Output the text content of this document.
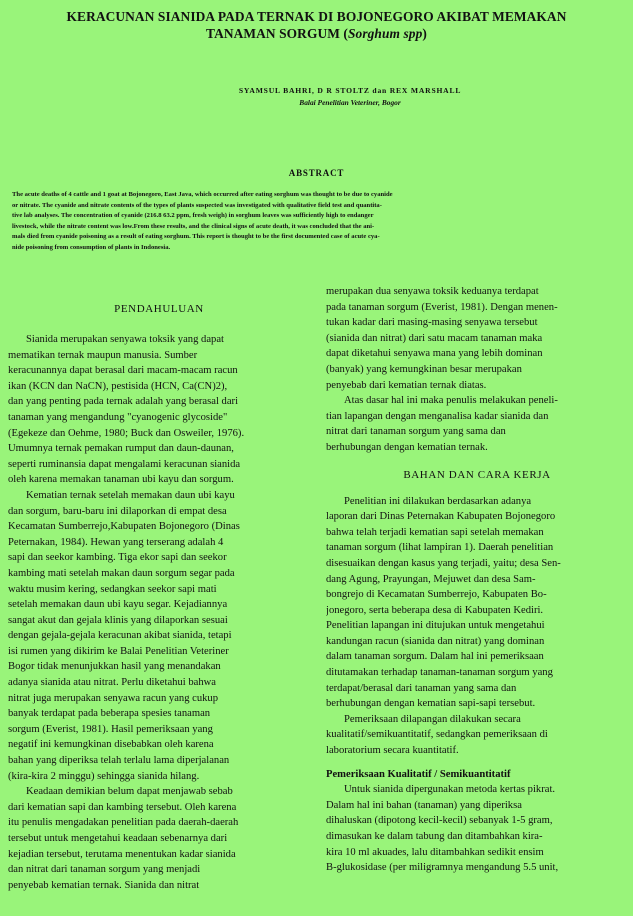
KERACUNAN SIANIDA PADA TERNAK DI BOJONEGORO AKIBAT MEMAKAN
TANAMAN SORGUM (Sorghum spp)
SYAMSUL BAHRI, D R STOLTZ dan REX MARSHALL
Balai Penelitian Veteriner, Bogor
ABSTRACT
The acute deaths of 4 cattle and 1 goat at Bojonegoro, East Java, which occurred after eating sorghum was thought to be due to cyanide
or nitrate. The cyanide and nitrate contents of the types of plants suspected was investigated with qualitative field test and quantita-
tive lab analyses. The concentration of cyanide (216.8 63.2 ppm, fresh weigh) in sorghum leaves was sufficiently high to endanger
livestock, while the nitrate content was low.From these results, and the clinical signs of acute death, it was concluded that the ani-
mals died from cyanide poisoning as a result of eating sorghum. This report is thought to be the first documented case of acute cya-
nide poisoning from consumption of plants in Indonesia.
PENDAHULUAN
Sianida merupakan senyawa toksik yang dapat
mematikan ternak maupun manusia. Sumber
keracunannya dapat berasal dari macam-macam racun
ikan (KCN dan NaCN), pestisida (HCN, Ca(CN)2),
dan yang penting pada ternak adalah yang berasal dari
tanaman yang mengandung "cyanogenic glycoside"
(Egekeze dan Oehme, 1980; Buck dan Osweiler, 1976).
Umumnya ternak pemakan rumput dan daun-daunan,
seperti ruminansia dapat mengalami keracunan sianida
oleh karena memakan tanaman ubi kayu dan sorgum.
Kematian ternak setelah memakan daun ubi kayu
dan sorgum, baru-baru ini dilaporkan di empat desa
Kecamatan Sumberrejo,Kabupaten Bojonegoro (Dinas
Peternakan, 1984). Hewan yang terserang adalah 4
sapi dan seekor kambing. Tiga ekor sapi dan seekor
kambing mati setelah makan daun sorgum segar pada
waktu musim kering, sedangkan seekor sapi mati
setelah memakan daun ubi kayu segar. Kejadiannya
sangat akut dan gejala klinis yang dilaporkan sesuai
dengan gejala-gejala keracunan akibat sianida, tetapi
isi rumen yang dikirim ke Balai Penelitian Veteriner
Bogor tidak menunjukkan hasil yang menandakan
adanya sianida atau nitrat. Perlu diketahui bahwa
nitrat juga merupakan senyawa racun yang cukup
banyak terdapat pada beberapa spesies tanaman
sorgum (Everist, 1981). Hasil pemeriksaan yang
negatif ini kemungkinan disebabkan oleh karena
bahan yang diperiksa telah terlalu lama diperjalanan
(kira-kira 2 minggu) sehingga sianida hilang.
Keadaan demikian belum dapat menjawab sebab
dari kematian sapi dan kambing tersebut. Oleh karena
itu penulis mengadakan penelitian pada daerah-daerah
tersebut untuk mengetahui keadaan sebenarnya dari
kejadian tersebut, terutama menentukan kadar sianida
dan nitrat dari tanaman sorgum yang menjadi
penyebab kematian ternak. Sianida dan nitrat
merupakan dua senyawa toksik keduanya terdapat
pada tanaman sorgum (Everist, 1981). Dengan menen-
tukan kadar dari masing-masing senyawa tersebut
(sianida dan nitrat) dari satu macam tanaman maka
dapat diketahui senyawa mana yang lebih dominan
(banyak) yang kemungkinan besar merupakan
penyebab dari kematian ternak diatas.
Atas dasar hal ini maka penulis melakukan peneli-
tian lapangan dengan menganalisa kadar sianida dan
nitrat dari tanaman sorgum yang sama dan
berhubungan dengan kematian ternak.
BAHAN DAN CARA KERJA
Penelitian ini dilakukan berdasarkan adanya
laporan dari Dinas Peternakan Kabupaten Bojonegoro
bahwa telah terjadi kematian sapi setelah memakan
tanaman sorgum (lihat lampiran 1). Daerah penelitian
disesuaikan dengan kasus yang terjadi, yaitu; desa Sen-
dang Agung, Prayungan, Mejuwet dan desa Sam-
bongrejo di Kecamatan Sumberrejo, Kabupaten Bo-
jonegoro, serta beberapa desa di Kabupaten Kediri.
Penelitian lapangan ini ditujukan untuk mengetahui
kandungan racun (sianida dan nitrat) yang dominan
dalam tanaman sorgum. Dalam hal ini pemeriksaan
ditutamakan terhadap tanaman-tanaman sorgum yang
terdapat/berasal dari tanaman yang sama dan
berhubungan dengan kematian sapi-sapi tersebut.
Pemeriksaan dilapangan dilakukan secara
kualitatif/semikuantitatif, sedangkan pemeriksaan di
laboratorium secara kuantitatif.
Pemeriksaan Kualitatif / Semikuantitatif
Untuk sianida dipergunakan metoda kertas pikrat.
Dalam hal ini bahan (tanaman) yang diperiksa
dihaluskan (dipotong kecil-kecil) sebanyak 1-5 gram,
dimasukan ke dalam tabung dan ditambahkan kira-
kira 10 ml akuades, lalu ditambahkan sedikit ensim
B-glukosidase (per miligramnya mengandung 5.5 unit,
